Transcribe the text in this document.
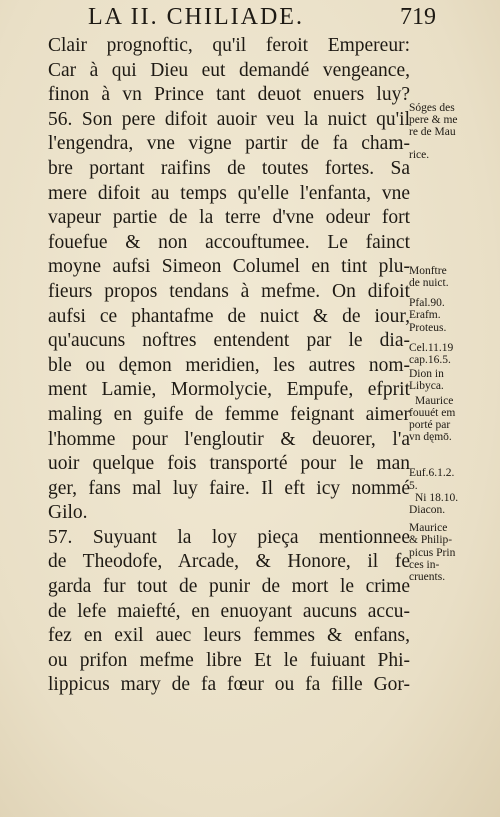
LA II. CHILIADE.	719
Clair prognoftic, qu'il feroit Empereur:
Car à qui Dieu eut demandé vengeance,
finon à vn Prince tant deuot enuers luy?
56. Son pere difoit auoir veu la nuict qu'il
l'engendra, vne vigne partir de fa cham-
bre portant raifins de toutes fortes. Sa
mere difoit au temps qu'elle l'enfanta, vne
vapeur partie de la terre d'vne odeur fort
fouefue & non accouftumee. Le fainct
moyne aufsi Simeon Columel en tint plu-
fieurs propos tendans à mefme. On difoit
aufsi ce phantafme de nuict & de iour,
qu'aucuns noftres entendent par le dia-
ble ou dęmon meridien, les autres nom-
ment Lamie, Mormolycie, Empufe, efprit
maling en guife de femme feignant aimer
l'homme pour l'engloutir & deuorer, l'a
uoir quelque fois transporté pour le man
ger, fans mal luy faire. Il eft icy nommé
Gilo.
57. Suyuant la loy pieça mentionnee
de Theodofe, Arcade, & Honore, il fe
garda fur tout de punir de mort le crime
de lefe maiefté, en enuoyant aucuns accu-
fez en exil auec leurs femmes & enfans,
ou prifon mefme libre Et le fuiuant Phi-
lippicus mary de fa fœur ou fa fille Gor-
Sóges des
pere & me
re de Mau
rice.
Monftre
de nuict.
Pfal.90.
Erafm.
Proteus.
Cel.11.19
cap.16.5.
Dion in
Libyca.
Maurice
fouuét em
porté par
vn dęmō.
Euf.6.1.2.
5.
Ni 18.10.
Diacon.
Maurice
& Philip-
picus Prin
ces in-
cruents.
